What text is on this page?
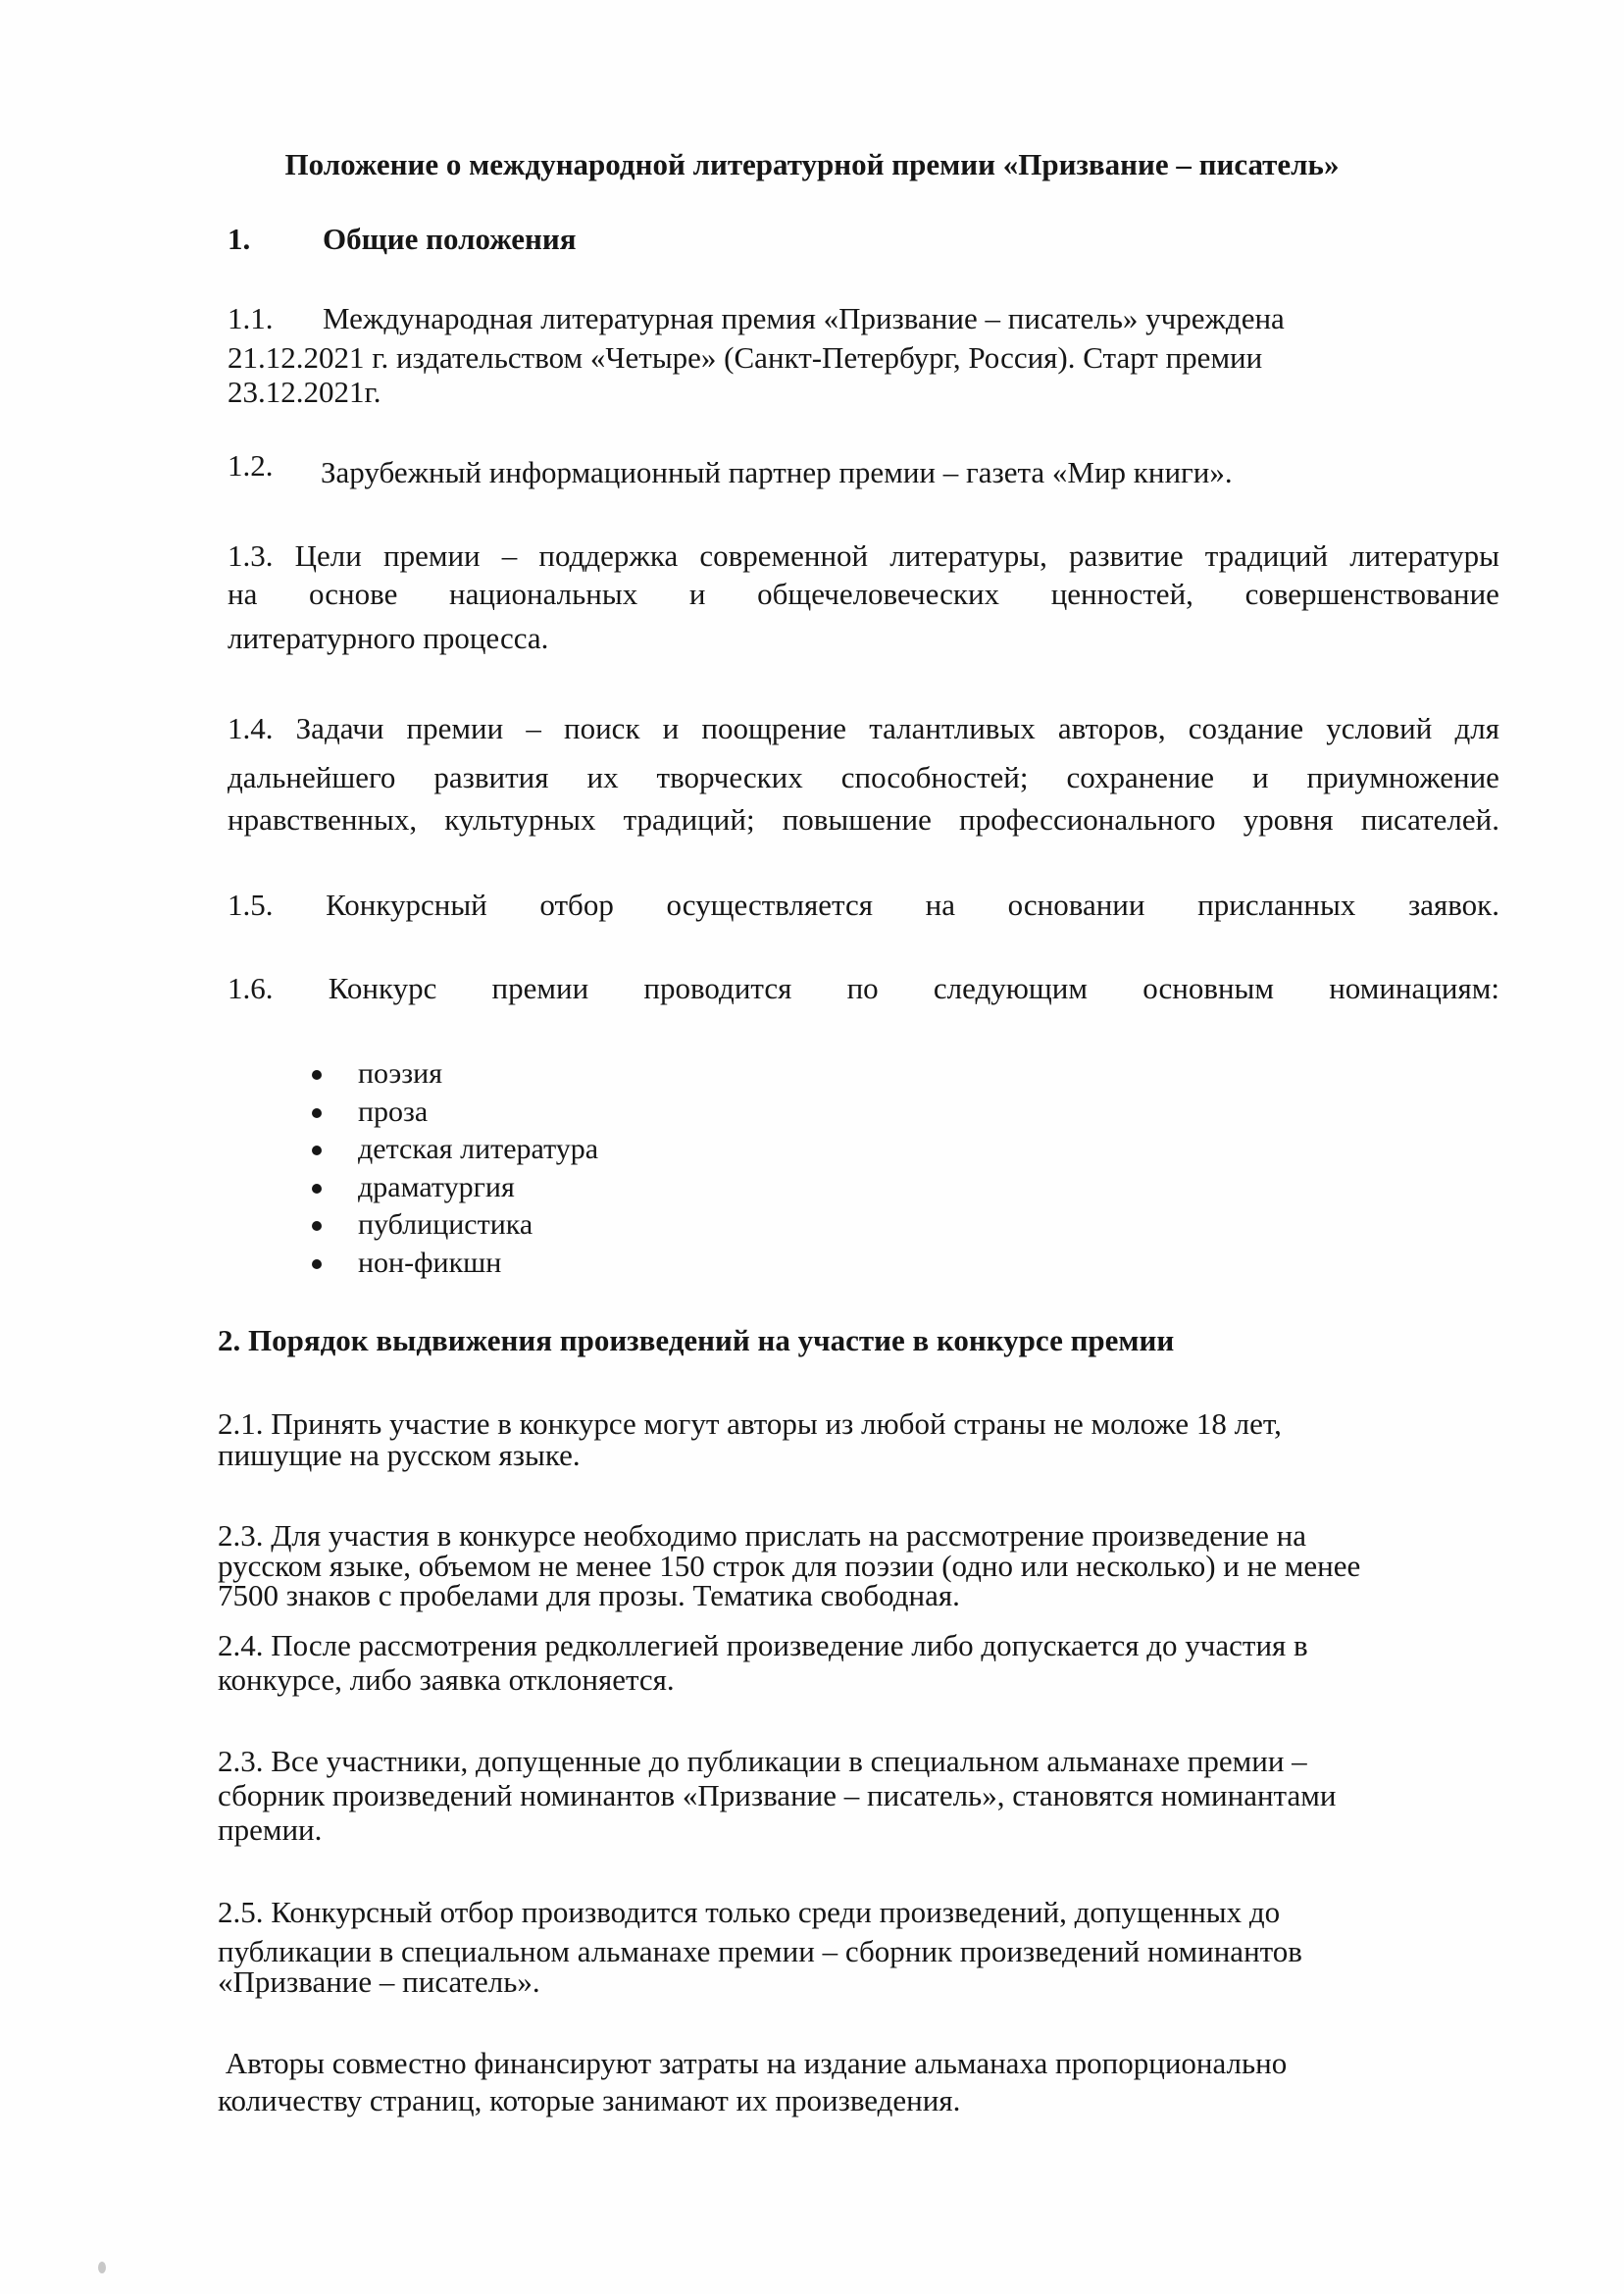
Положение о международной литературной премии «Призвание – писатель»
1. Общие положения
1.1. Международная литературная премия «Призвание – писатель» учреждена
21.12.2021 г. издательством «Четыре» (Санкт-Петербург, Россия). Старт премии
23.12.2021г.
1.2. Зарубежный информационный партнер премии – газета «Мир книги».
1.3. Цели премии – поддержка современной литературы, развитие традиций литературы
на основе национальных и общечеловеческих ценностей, совершенствование
литературного процесса.
1.4. Задачи премии – поиск и поощрение талантливых авторов, создание условий для
дальнейшего развития их творческих способностей; сохранение и приумножение
нравственных, культурных традиций; повышение профессионального уровня писателей.
1.5. Конкурсный отбор осуществляется на основании присланных заявок.
1.6. Конкурс премии проводится по следующим основным номинациям:
поэзия
проза
детская литература
драматургия
публицистика
нон-фикшн
2. Порядок выдвижения произведений на участие в конкурсе премии
2.1. Принять участие в конкурсе могут авторы из любой страны не моложе 18 лет,
пишущие на русском языке.
2.3. Для участия в конкурсе необходимо прислать на рассмотрение произведение на
русском языке, объемом не менее 150 строк для поэзии (одно или несколько) и не менее
7500 знаков с пробелами для прозы. Тематика свободная.
2.4. После рассмотрения редколлегией произведение либо допускается до участия в
конкурсе, либо заявка отклоняется.
2.3. Все участники, допущенные до публикации в специальном альманахе премии –
сборник произведений номинантов «Призвание – писатель», становятся номинантами
премии.
2.5. Конкурсный отбор производится только среди произведений, допущенных до
публикации в специальном альманахе премии – сборник произведений номинантов
«Призвание – писатель».
Авторы совместно финансируют затраты на издание альманаха пропорционально
количеству страниц, которые занимают их произведения.
